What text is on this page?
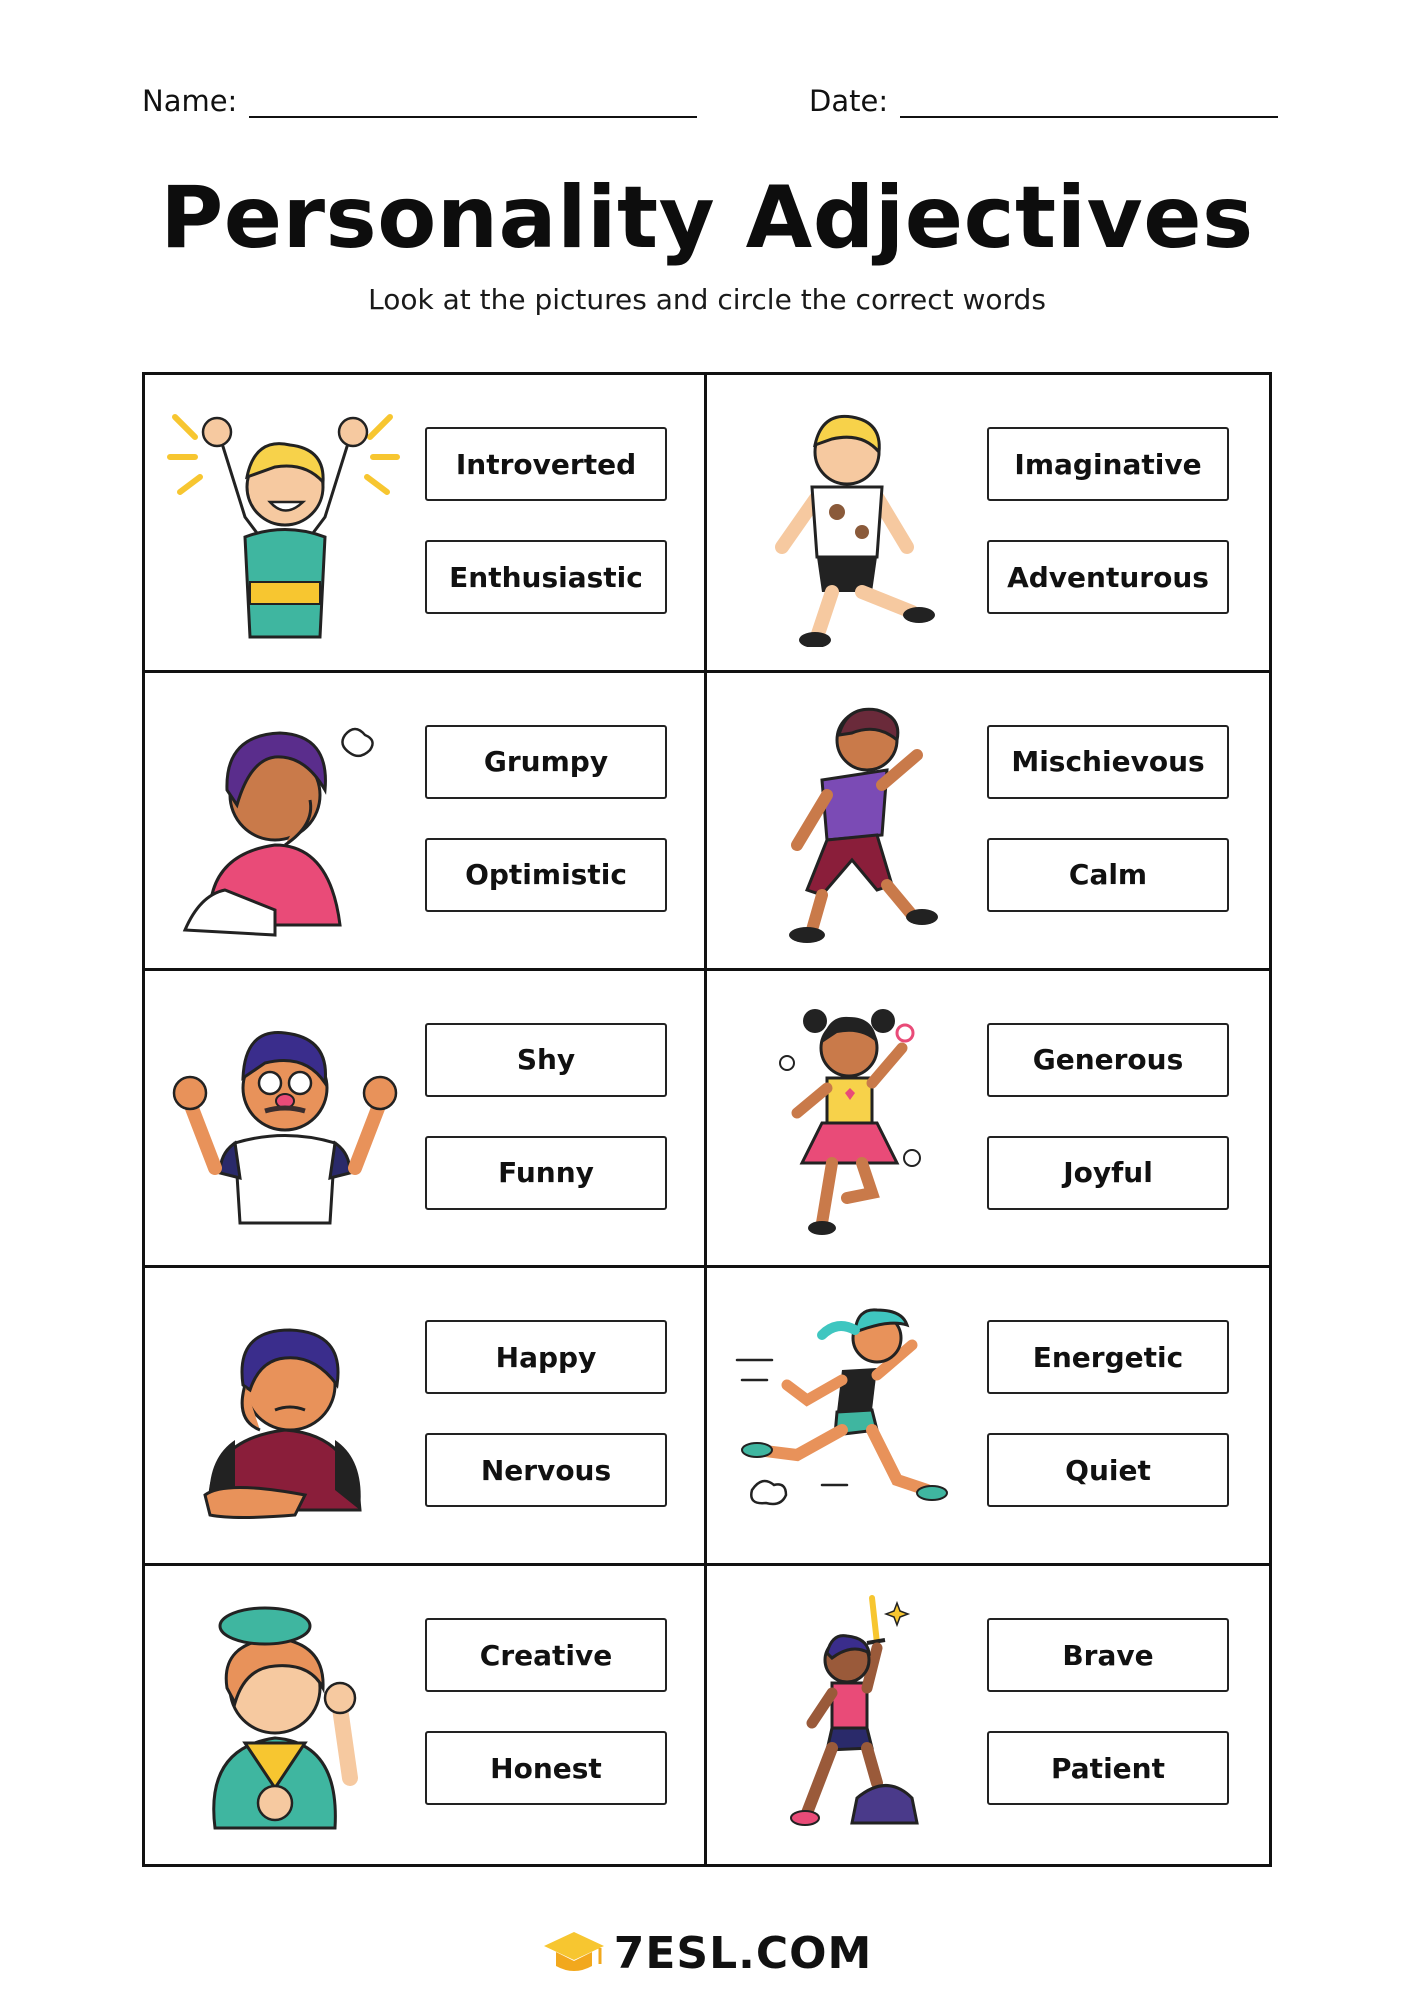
Name:	Date:
Personality Adjectives
Look at the pictures and circle the correct words
Introverted
Enthusiastic
Imaginative
Adventurous
Grumpy
Optimistic
Mischievous
Calm
Shy
Funny
Generous
Joyful
Happy
Nervous
Energetic
Quiet
Creative
Honest
Brave
Patient
7ESL.COM
